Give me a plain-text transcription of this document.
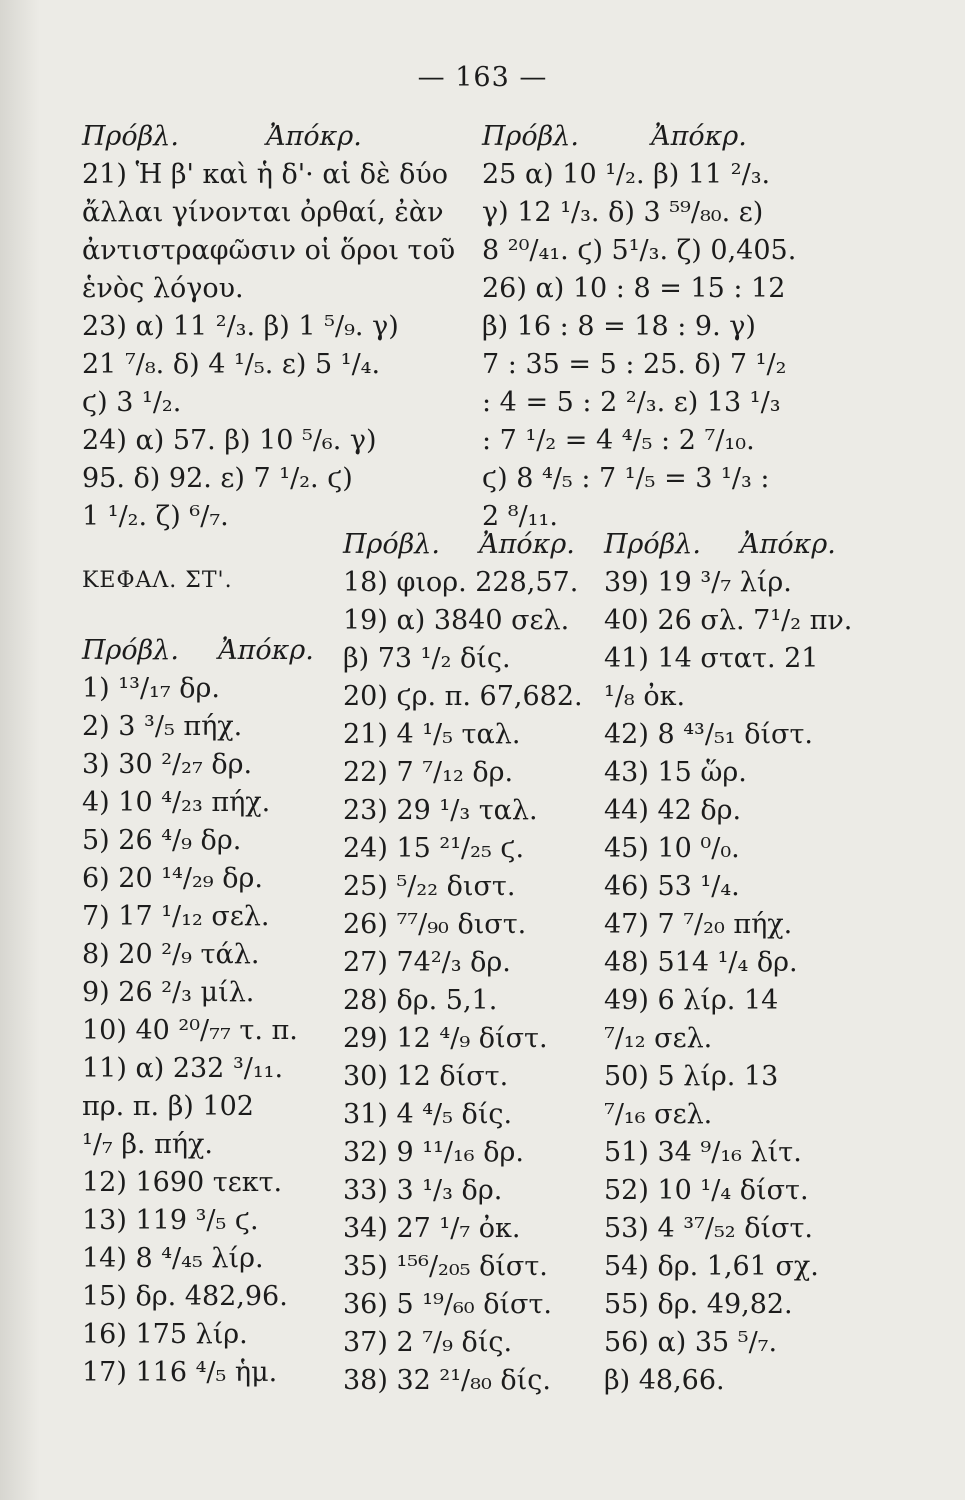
— 163 —
Πρόβλ.	Ἀπόκρ.
21) Ἡ β' καὶ ἡ δ'· αἱ δὲ δύο
ἄλλαι γίνονται ὀρθαί, ἐὰν
ἀντιστραφῶσιν οἱ ὅροι τοῦ
ἑνὸς λόγου.
23) α) 11 ²/₃. β) 1 ⁵/₉. γ)
21 ⁷/₈. δ) 4 ¹/₅. ε) 5 ¹/₄.
ϛ) 3 ¹/₂.
24) α) 57. β) 10 ⁵/₆. γ)
95. δ) 92. ε) 7 ¹/₂. ϛ)
1 ¹/₂. ζ) ⁶/₇.
Πρόβλ.	Ἀπόκρ.
25 α) 10 ¹/₂. β) 11 ²/₃.
γ) 12 ¹/₃. δ) 3 ⁵⁹/₈₀. ε)
8 ²⁰/₄₁. ϛ) 5¹/₃. ζ) 0,405.
26) α) 10 : 8 = 15 : 12
β) 16 : 8 = 18 : 9. γ)
7 : 35 = 5 : 25. δ) 7 ¹/₂
: 4 = 5 : 2 ²/₃. ε) 13 ¹/₃
: 7 ¹/₂ = 4 ⁴/₅ : 2 ⁷/₁₀.
ϛ) 8 ⁴/₅ : 7 ¹/₅ = 3 ¹/₃ :
2 ⁸/₁₁.
ΚΕΦΑΛ. ΣΤ'.
Πρόβλ. Ἀπόκρ.
1) ¹³/₁₇ δρ.
2) 3 ³/₅ πήχ.
3) 30 ²/₂₇ δρ.
4) 10 ⁴/₂₃ πήχ.
5) 26 ⁴/₉ δρ.
6) 20 ¹⁴/₂₉ δρ.
7) 17 ¹/₁₂ σελ.
8) 20 ²/₉ τάλ.
9) 26 ²/₃ μίλ.
10) 40 ²⁰/₇₇ τ. π.
11) α) 232 ³/₁₁.
πρ. π. β) 102
¹/₇ β. πήχ.
12) 1690 τεκτ.
13) 119 ³/₅ ϛ.
14) 8 ⁴/₄₅ λίρ.
15) δρ. 482,96.
16) 175 λίρ.
17) 116 ⁴/₅ ἡμ.
Πρόβλ. Ἀπόκρ.
18) φιορ. 228,57.
19) α) 3840 σελ.
β) 73 ¹/₂ δίς.
20) ϛρ. π. 67,682.
21) 4 ¹/₅ ταλ.
22) 7 ⁷/₁₂ δρ.
23) 29 ¹/₃ ταλ.
24) 15 ²¹/₂₅ ϛ.
25) ⁵/₂₂ διστ.
26) ⁷⁷/₉₀ διστ.
27) 74²/₃ δρ.
28) δρ. 5,1.
29) 12 ⁴/₉ δίστ.
30) 12 δίστ.
31) 4 ⁴/₅ δίς.
32) 9 ¹¹/₁₆ δρ.
33) 3 ¹/₃ δρ.
34) 27 ¹/₇ ὀκ.
35) ¹⁵⁶/₂₀₅ δίστ.
36) 5 ¹⁹/₆₀ δίστ.
37) 2 ⁷/₉ δίς.
38) 32 ²¹/₈₀ δίς.
Πρόβλ. Ἀπόκρ.
39) 19 ³/₇ λίρ.
40) 26 σλ. 7¹/₂ πν.
41) 14 στατ. 21
¹/₈ ὀκ.
42) 8 ⁴³/₅₁ δίστ.
43) 15 ὥρ.
44) 42 δρ.
45) 10 ⁰/₀.
46) 53 ¹/₄.
47) 7 ⁷/₂₀ πήχ.
48) 514 ¹/₄ δρ.
49) 6 λίρ. 14
⁷/₁₂ σελ.
50) 5 λίρ. 13
⁷/₁₆ σελ.
51) 34 ⁹/₁₆ λίτ.
52) 10 ¹/₄ δίστ.
53) 4 ³⁷/₅₂ δίστ.
54) δρ. 1,61 σχ.
55) δρ. 49,82.
56) α) 35 ⁵/₇.
β) 48,66.
